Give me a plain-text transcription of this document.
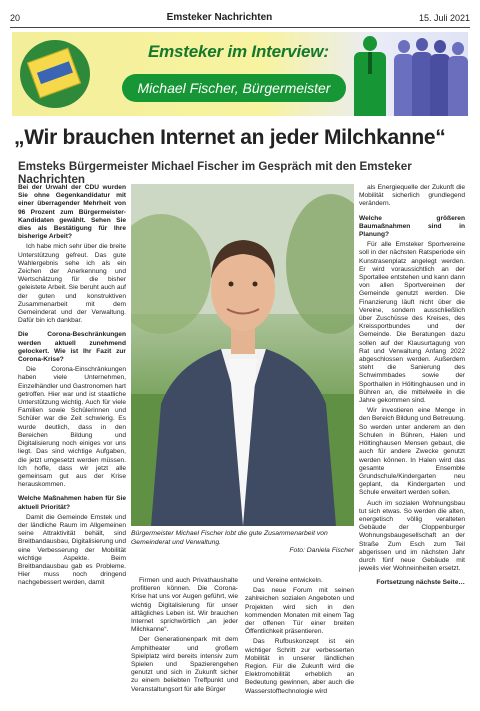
20	Emsteker Nachrichten	15. Juli 2021
Emsteker im Interview:
Michael Fischer, Bürgermeister
„Wir brauchen Internet an jeder Milchkanne“
Emsteks Bürgermeister Michael Fischer im Gespräch mit den Emsteker Nachrichten

Bei der Urwahl der CDU wurden Sie ohne Gegenkandidatur mit einer überragender Mehrheit von 96 Prozent zum Bürgermeister-Kandidaten gewählt. Sehen Sie dies als Bestätigung für Ihre bisherige Arbeit?

Ich habe mich sehr über die breite Unterstützung gefreut. Das gute Wahlergebnis sehe ich als ein Zeichen der Anerkennung und Wertschätzung für die bisher geleistete Arbeit. Sie beruht auch auf der guten und konstruktiven Zusammenarbeit mit dem Gemeinderat und der Verwaltung. Dafür bin ich dankbar.

Die Corona-Beschränkungen werden aktuell zunehmend gelockert. Wie ist Ihr Fazit zur Corona-Krise?

Die Corona-Einschränkungen haben viele Unternehmen, Einzelhändler und Gastronomen hart getroffen. Hier war und ist staatliche Unterstützung wichtig. Auch für viele Familien sowie Schülerinnen und Schüler war die Zeit schwierig. Es wurde deutlich, dass in den Bereichen Bildung und Digitalisierung noch einiges vor uns liegt. Das sind wichtige Aufgaben, die jetzt umgesetzt werden müssen. Ich hoffe, dass wir jetzt alle gemeinsam gut aus der Krise herauskommen.

Welche Maßnahmen haben für Sie aktuell Priorität?

Damit die Gemeinde Emstek und der ländliche Raum im Allgemeinen seine Attraktivität behält, sind Breitbandausbau, Digitalisierung und eine Verbesserung der Mobilität wichtige Aspekte. Beim Breitbandausbau gab es Probleme. Hier muss noch dringend nachgebessert werden, damit

Bürgermeister Michael Fischer lobt die gute Zusammenarbeit von Gemeinderat und Verwaltung.
Foto: Daniela Fischer

Firmen und auch Privathaushalte profitieren können. Die Corona-Krise hat uns vor Augen geführt, wie wichtig Digitalisierung für unser alltägliches Leben ist. Wir brauchen Internet sprichwörtlich „an jeder Milchkanne“.

Der Generationenpark mit dem Amphitheater und großem Spielplatz wird bereits intensiv zum Spielen und Spazierengehen genutzt und sich in Zukunft sicher zu einem beliebten Treffpunkt und Veranstaltungsort für alle Bürger

und Vereine entwickeln.

Das neue Forum mit seinen zahlreichen sozialen Angeboten und Projekten wird sich in den kommenden Monaten mit einem Tag der offenen Tür einer breiten Öffentlichkeit präsentieren.

Das Rufbuskonzept ist ein wichtiger Schritt zur verbesserten Mobilität in unserer ländlichen Region. Für die Zukunft wird die Elektromobilität erheblich an Bedeutung gewinnen, aber auch die Wasserstofftechnologie wird

als Energiequelle der Zukunft die Mobilität sicherlich grundlegend verändern.

Welche größeren Baumaßnahmen sind in Planung?

Für alle Emsteker Sportvereine soll in der nächsten Ratsperiode ein Kunstrasenplatz angelegt werden. Er wird voraussichtlich an der Sportallee entstehen und kann dann von allen Sportvereinen der Gemeinde genutzt werden. Die Finanzierung läuft nicht über die Vereine, sondern ausschließlich über Zuschüsse des Kreises, des Kreissportbundes und der Gemeinde. Die Beratungen dazu sollen auf der Klausurtagung von Rat und Verwaltung Anfang 2022 abgeschlossen werden. Außerdem steht die Sanierung des Schwimmbades sowie der Sporthallen in Höltinghausen und in Bühren an, die mittelweile in die Jahre gekommen sind.

Wir investieren eine Menge in den Bereich Bildung und Betreuung. So werden unter anderem an den Schulen in Bühren, Halen und Höltinghausen Mensen gebaut, die auch für andere Zwecke genutzt werden können. In Halen wird das gesamte Ensemble Grundschule/Kindergarten neu geplant, da Kindergarten und Schule erweitert werden sollen.

Auch im sozialen Wohnungsbau tut sich etwas. So werden die alten, energetisch völlig veralteten Gebäude der Cloppenburger Wohnungsbaugesellschaft an der Straße Zum Esch zum Teil abgerissen und im nächsten Jahr durch fünf neue Gebäude mit jeweils vier Wohneinheiten ersetzt.

Fortsetzung nächste Seite…
